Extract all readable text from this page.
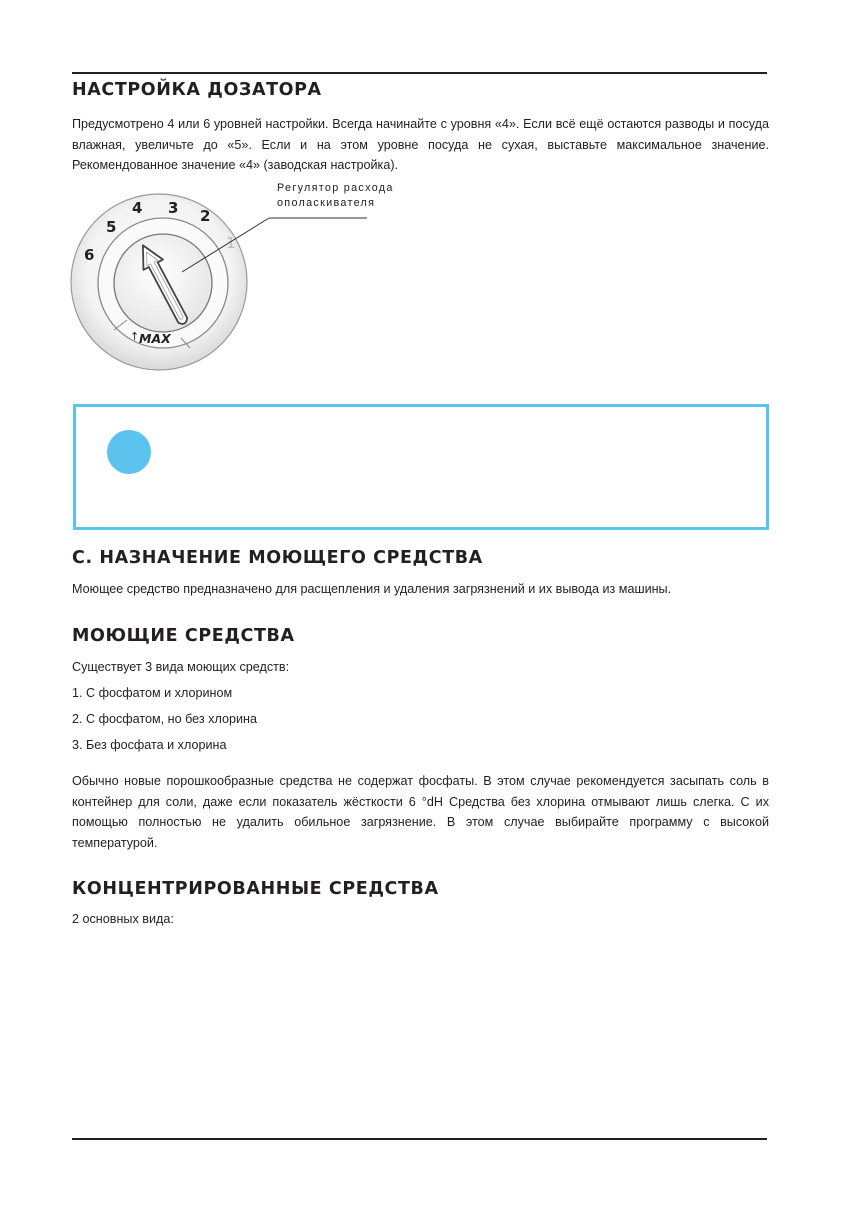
НАСТРОЙКА ДОЗАТОРА

Предусмотрено 4 или 6 уровней настройки. Всегда начинайте с уровня «4». Если всё ещё остаются разводы и посуда влажная, увеличьте до «5». Если и на этом уровне посуда не сухая, выставьте максимальное значение. Рекомендованное значение «4» (заводская настройка).

6
5
4 3 2
1
↑ MAX
Регулятор расхода
ополаскивателя
С. НАЗНАЧЕНИЕ МОЮЩЕГО СРЕДСТВА

Моющее средство предназначено для расщепления и удаления загрязнений и их вывода из машины.

МОЮЩИЕ СРЕДСТВА

Существует 3 вида моющих средств:

1. С фосфатом и хлорином

2. С фосфатом, но без хлорина

3. Без фосфата и хлорина

Обычно новые порошкообразные средства не содержат фосфаты. В этом случае рекомендуется засыпать соль в контейнер для соли, даже если показатель жёсткости 6 °dH Средства без хлорина отмывают лишь слегка. С их помощью полностью не удалить обильное загрязнение. В этом случае выбирайте программу с высокой температурой.

КОНЦЕНТРИРОВАННЫЕ СРЕДСТВА

2 основных вида:
